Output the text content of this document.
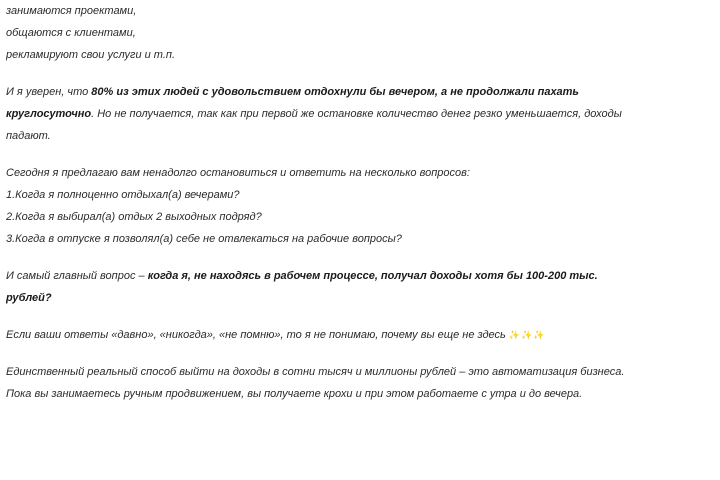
занимаются проектами,
общаются с клиентами,
рекламируют свои услуги и т.п.
И я уверен, что 80% из этих людей с удовольствием отдохнули бы вечером, а не продолжали пахать
круглосуточно. Но не получается, так как при первой же остановке количество денег резко уменьшается, доходы
падают.
Сегодня я предлагаю вам ненадолго остановиться и ответить на несколько вопросов:
1.Когда я полноценно отдыхал(а) вечерами?
2.Когда я выбирал(а) отдых 2 выходных подряд?
3.Когда в отпуске я позволял(а) себе не отвлекаться на рабочие вопросы?
И самый главный вопрос – когда я, не находясь в рабочем процессе, получал доходы хотя бы 100-200 тыс.
рублей?
Если ваши ответы «давно», «никогда», «не помню», то я не понимаю, почему вы еще не здесь ✨✨✨
Единственный реальный способ выйти на доходы в сотни тысяч и миллионы рублей – это автоматизация бизнеса.
Пока вы занимаетесь ручным продвижением, вы получаете крохи и при этом работаете с утра и до вечера.
